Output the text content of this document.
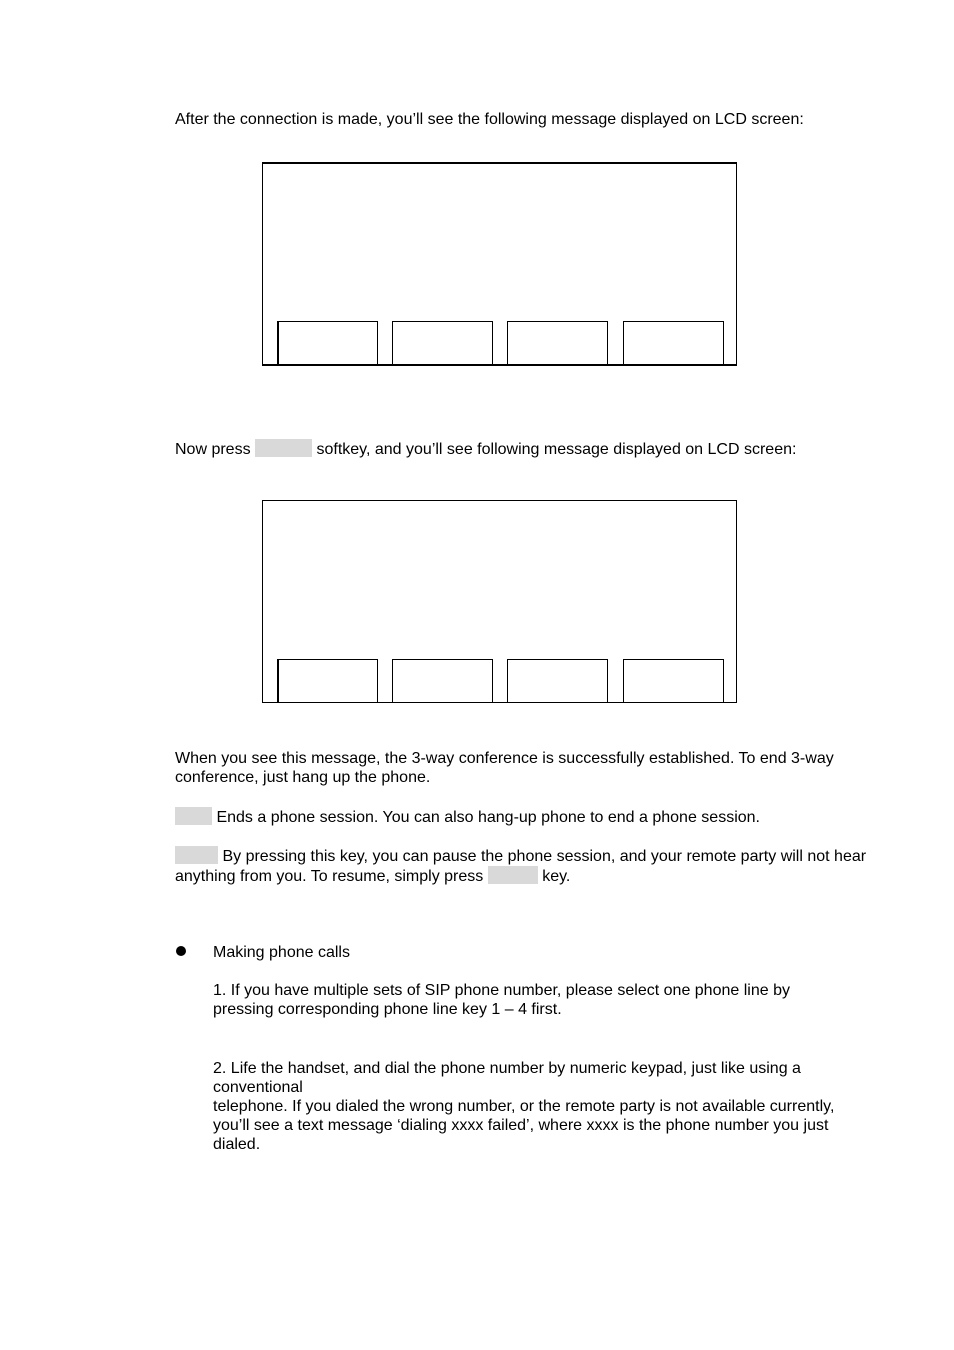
After the connection is made, you’ll see the following message displayed on LCD screen:

Now press	softkey, and you’ll see following message displayed on LCD screen:

When you see this message, the 3-way conference is successfully established. To end 3-way conference, just hang up the phone.

Ends a phone session. You can also hang-up phone to end a phone session.

By pressing this key, you can pause the phone session, and your remote party will not hear anything from you. To resume, simply press	key.

Making phone calls

1. If you have multiple sets of SIP phone number, please select one phone line by pressing corresponding phone line key 1 – 4 first.

2. Life the handset, and dial the phone number by numeric keypad, just like using a conventional

telephone. If you dialed the wrong number, or the remote party is not available currently, you’ll see a text message ‘dialing xxxx failed’, where xxxx is the phone number you just dialed.
